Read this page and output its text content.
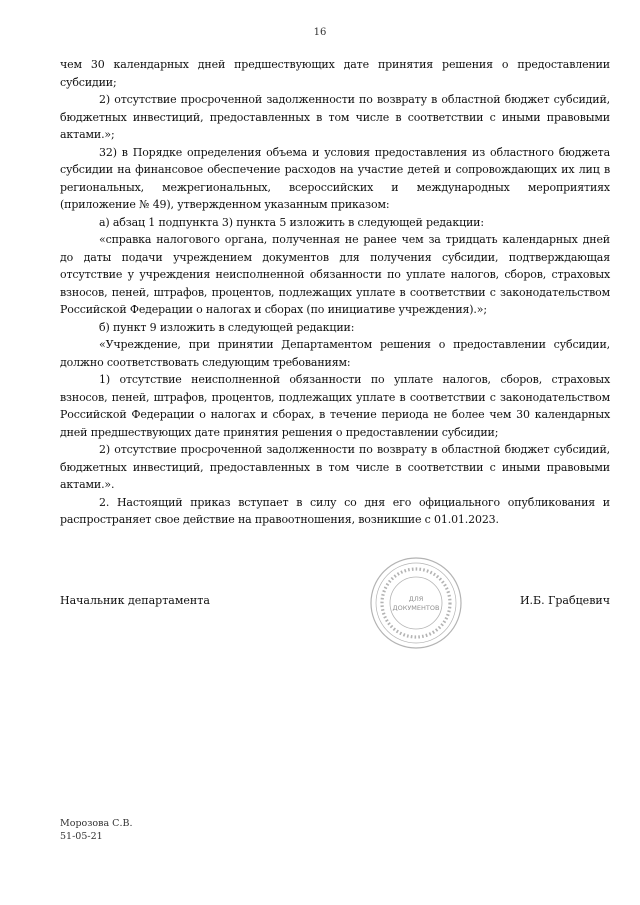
16

чем 30 календарных дней предшествующих дате принятия решения о предоставлении субсидии;

2) отсутствие просроченной задолженности по возврату в областной бюджет субсидий, бюджетных инвестиций, предоставленных в том числе в соответствии с иными правовыми актами.»;

32) в Порядке определения объема и условия предоставления из областного бюджета субсидии на финансовое обеспечение расходов на участие детей и сопровождающих их лиц в региональных, межрегиональных, всероссийских и международных мероприятиях (приложение № 49), утвержденном указанным приказом:

а) абзац 1 подпункта 3) пункта 5 изложить в следующей редакции:

«справка налогового органа, полученная не ранее чем за тридцать календарных дней до даты подачи учреждением документов для получения субсидии, подтверждающая отсутствие у учреждения неисполненной обязанности по уплате налогов, сборов, страховых взносов, пеней, штрафов, процентов, подлежащих уплате в соответствии с законодательством Российской Федерации о налогах и сборах (по инициативе учреждения).»;

б) пункт 9 изложить в следующей редакции:

«Учреждение, при принятии Департаментом решения о предоставлении субсидии, должно соответствовать следующим требованиям:

1) отсутствие неисполненной обязанности по уплате налогов, сборов, страховых взносов, пеней, штрафов, процентов, подлежащих уплате в соответствии с законодательством Российской Федерации о налогах и сборах, в течение периода не более чем 30 календарных дней предшествующих дате принятия решения о предоставлении субсидии;

2) отсутствие просроченной задолженности по возврату в областной бюджет субсидий, бюджетных инвестиций, предоставленных в том числе в соответствии с иными правовыми актами.».

2. Настоящий приказ вступает в силу со дня его официального опубликования и распространяет свое действие на правоотношения, возникшие с 01.01.2023.

ДЛЯ
ДОКУМЕНТОВ
Начальник департамента	И.Б. Грабцевич
Морозова С.В.
51-05-21
